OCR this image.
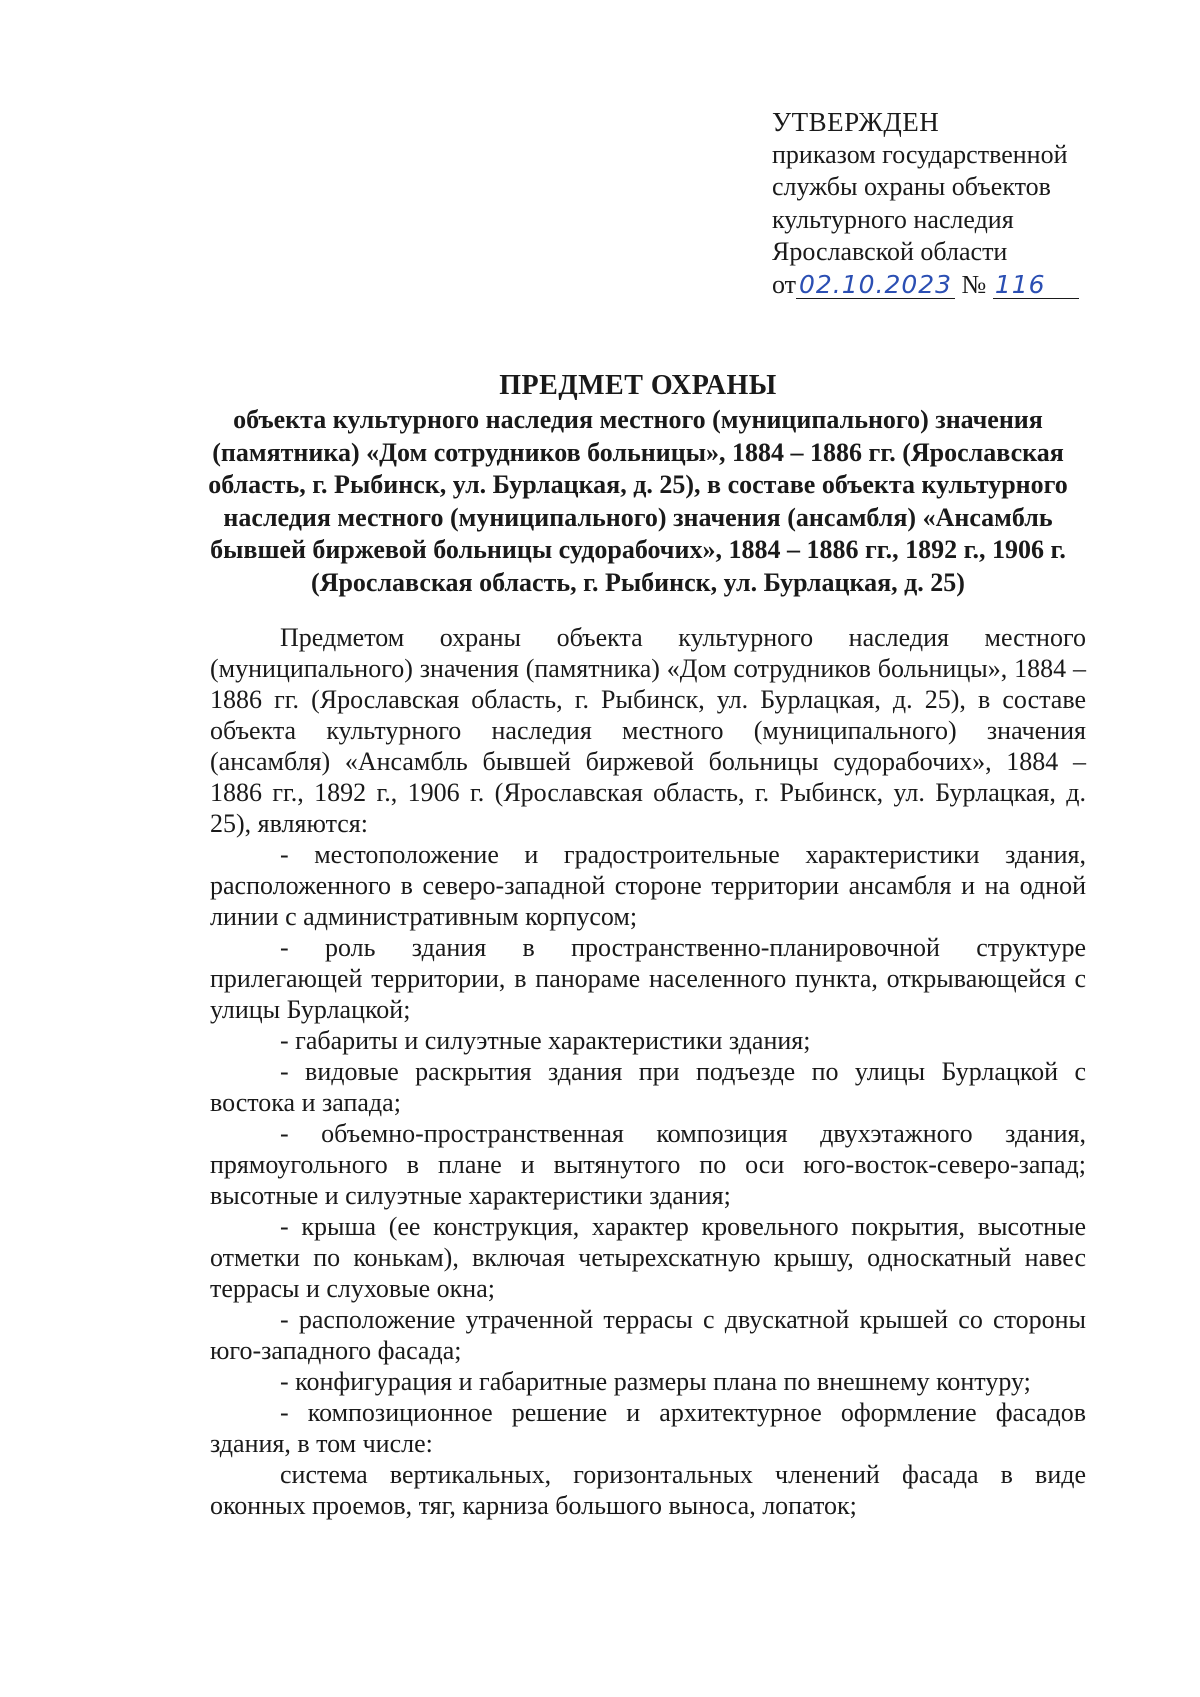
УТВЕРЖДЕН
приказом государственной
службы охраны объектов
культурного наследия
Ярославской области
от 02.10.2023 № 116
ПРЕДМЕТ ОХРАНЫ
объекта культурного наследия местного (муниципального) значения (памятника) «Дом сотрудников больницы», 1884 – 1886 гг. (Ярославская область, г. Рыбинск, ул. Бурлацкая, д. 25), в составе объекта культурного наследия местного (муниципального) значения (ансамбля) «Ансамбль бывшей биржевой больницы судорабочих», 1884 – 1886 гг., 1892 г., 1906 г. (Ярославская область, г. Рыбинск, ул. Бурлацкая, д. 25)

Предметом охраны объекта культурного наследия местного (муниципального) значения (памятника) «Дом сотрудников больницы», 1884 – 1886 гг. (Ярославская область, г. Рыбинск, ул. Бурлацкая, д. 25), в составе объекта культурного наследия местного (муниципального) значения (ансамбля) «Ансамбль бывшей биржевой больницы судорабочих», 1884 – 1886 гг., 1892 г., 1906 г. (Ярославская область, г. Рыбинск, ул. Бурлацкая, д. 25), являются:

- местоположение и градостроительные характеристики здания, расположенного в северо-западной стороне территории ансамбля и на одной линии с административным корпусом;

- роль здания в пространственно-планировочной структуре прилегающей территории, в панораме населенного пункта, открывающейся с улицы Бурлацкой;

- габариты и силуэтные характеристики здания;

- видовые раскрытия здания при подъезде по улицы Бурлацкой с востока и запада;

- объемно-пространственная композиция двухэтажного здания, прямоугольного в плане и вытянутого по оси юго-восток-северо-запад; высотные и силуэтные характеристики здания;

- крыша (ее конструкция, характер кровельного покрытия, высотные отметки по конькам), включая четырехскатную крышу, односкатный навес террасы и слуховые окна;

- расположение утраченной террасы с двускатной крышей со стороны юго-западного фасада;

- конфигурация и габаритные размеры плана по внешнему контуру;

- композиционное решение и архитектурное оформление фасадов здания, в том числе:

система вертикальных, горизонтальных членений фасада в виде оконных проемов, тяг, карниза большого выноса, лопаток;
